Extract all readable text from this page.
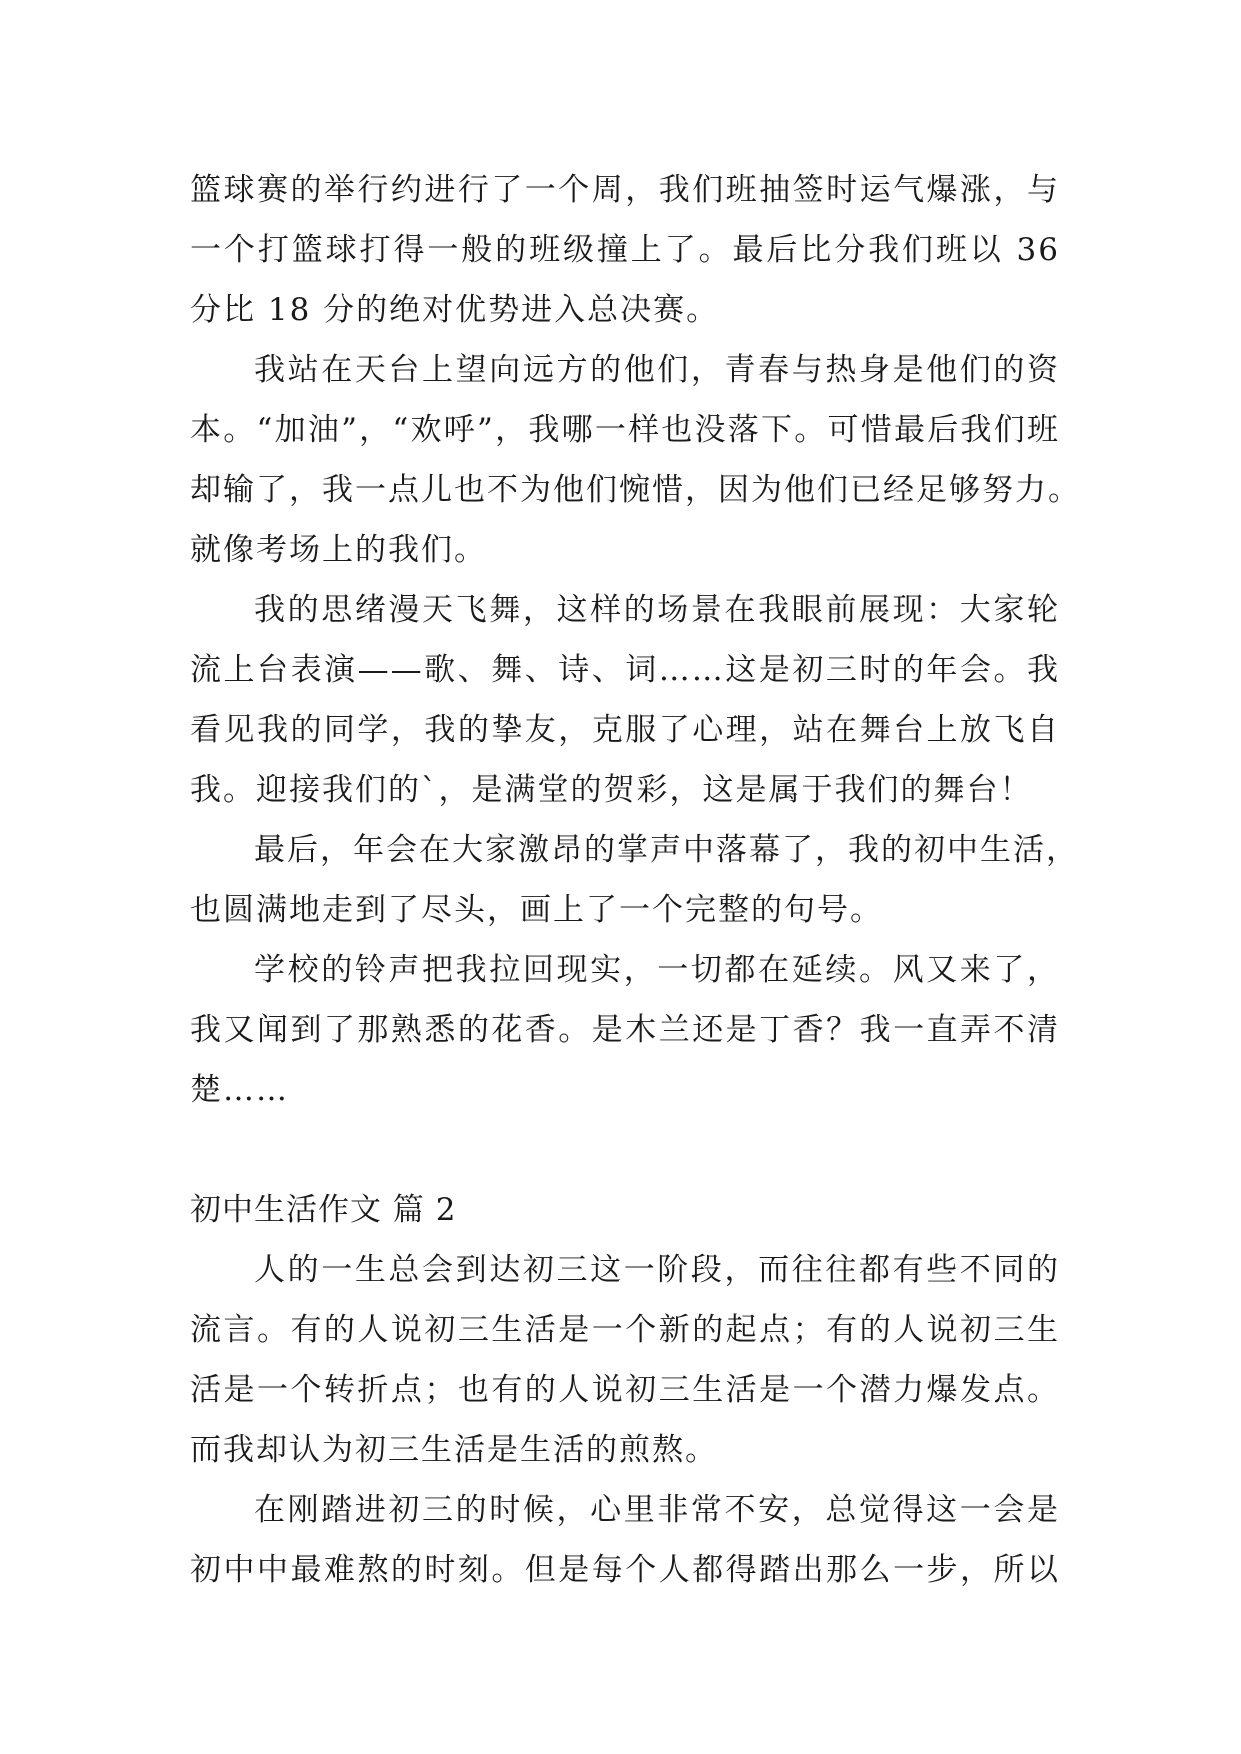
篮球赛的举行约进行了一个周，我们班抽签时运气爆涨，与
一个打篮球打得一般的班级撞上了。最后比分我们班以 36
分比 18 分的绝对优势进入总决赛。
我站在天台上望向远方的他们，青春与热身是他们的资
本。“加油”，“欢呼”，我哪一样也没落下。可惜最后我们班
却输了，我一点儿也不为他们惋惜，因为他们已经足够努力。
就像考场上的我们。
我的思绪漫天飞舞，这样的场景在我眼前展现：大家轮
流上台表演——歌、舞、诗、词……这是初三时的年会。我
看见我的同学，我的挚友，克服了心理，站在舞台上放飞自
我。迎接我们的`，是满堂的贺彩，这是属于我们的舞台！
最后，年会在大家激昂的掌声中落幕了，我的初中生活，
也圆满地走到了尽头，画上了一个完整的句号。
学校的铃声把我拉回现实，一切都在延续。风又来了，
我又闻到了那熟悉的花香。是木兰还是丁香？我一直弄不清
楚……
初中生活作文 篇 2
人的一生总会到达初三这一阶段，而往往都有些不同的
流言。有的人说初三生活是一个新的起点；有的人说初三生
活是一个转折点；也有的人说初三生活是一个潜力爆发点。
而我却认为初三生活是生活的煎熬。
在刚踏进初三的时候，心里非常不安，总觉得这一会是
初中中最难熬的时刻。但是每个人都得踏出那么一步，所以
